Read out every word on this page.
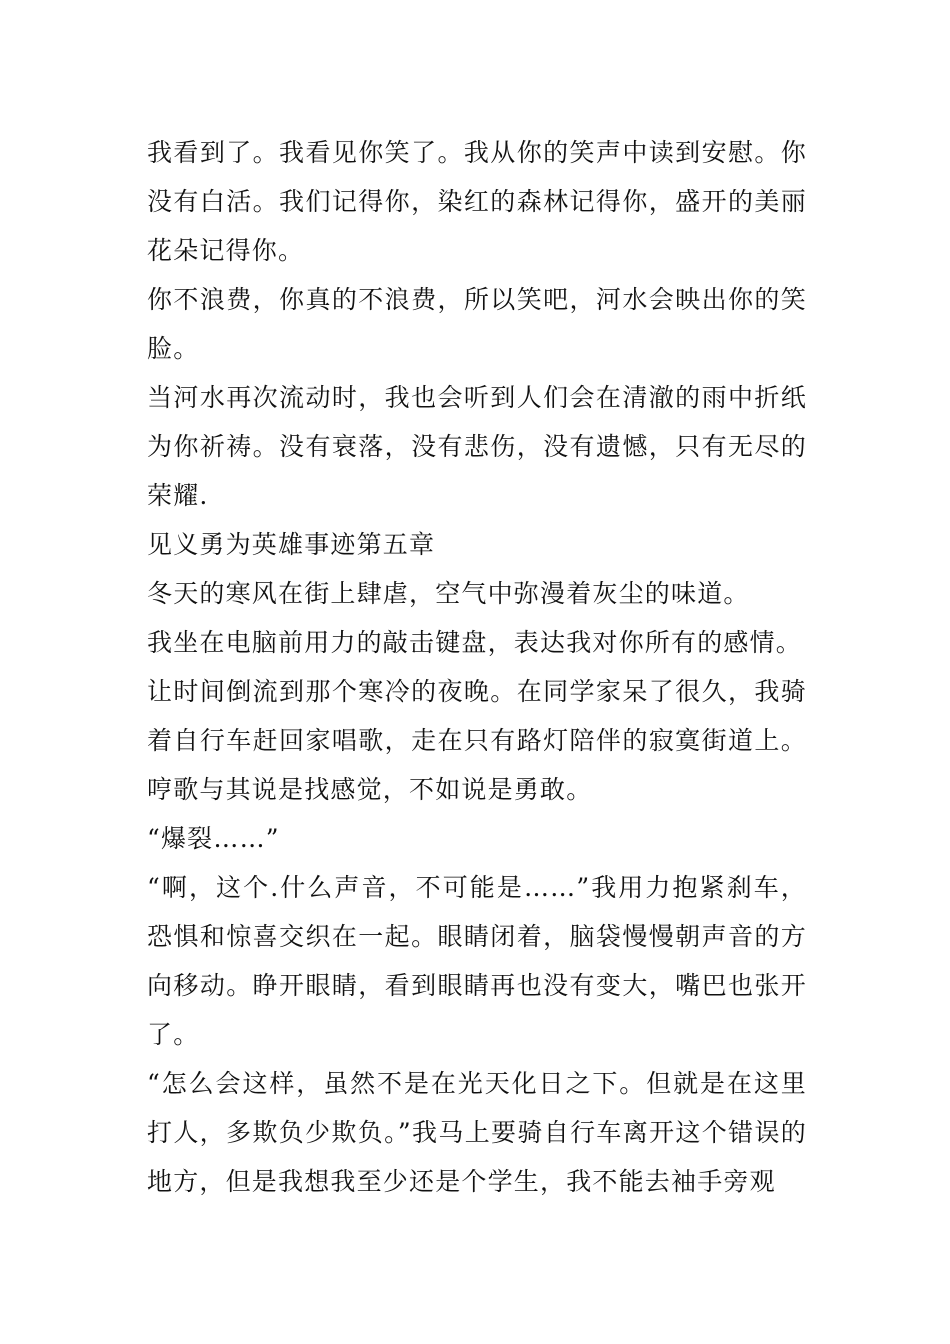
我看到了。我看见你笑了。我从你的笑声中读到安慰。你没有白活。我们记得你，染红的森林记得你，盛开的美丽花朵记得你。

你不浪费，你真的不浪费，所以笑吧，河水会映出你的笑脸。

当河水再次流动时，我也会听到人们会在清澈的雨中折纸为你祈祷。没有衰落，没有悲伤，没有遗憾，只有无尽的荣耀.

见义勇为英雄事迹第五章

冬天的寒风在街上肆虐，空气中弥漫着灰尘的味道。

我坐在电脑前用力的敲击键盘，表达我对你所有的感情。

让时间倒流到那个寒冷的夜晚。在同学家呆了很久，我骑着自行车赶回家唱歌，走在只有路灯陪伴的寂寞街道上。哼歌与其说是找感觉，不如说是勇敢。

“爆裂……”

“啊，这个.什么声音，不可能是……”我用力抱紧刹车，恐惧和惊喜交织在一起。眼睛闭着，脑袋慢慢朝声音的方向移动。睁开眼睛，看到眼睛再也没有变大，嘴巴也张开了。

“怎么会这样，虽然不是在光天化日之下。但就是在这里打人，多欺负少欺负。”我马上要骑自行车离开这个错误的地方，但是我想我至少还是个学生，我不能去袖手旁观
